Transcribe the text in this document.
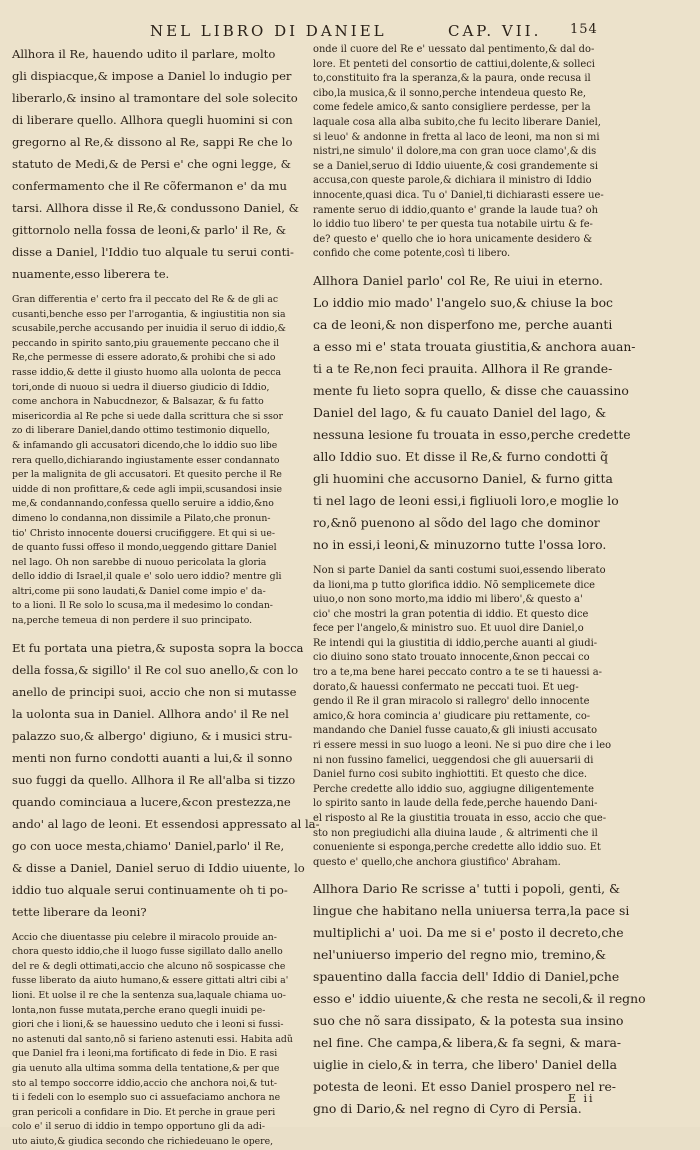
NEL LIBRO DI DANIEL	CAP. VII. 154
Allhora il Re, hauendo udito il parlare, molto
gli dispiacque,& impose a Daniel lo indugio per
liberarlo,& insino al tramontare del sole solecito
di liberare quello. Allhora quegli huomini si con
gregorno al Re,& dissono al Re, sappi Re che lo
statuto de Medi,& de Persi e' che ogni legge, &
confermamento che il Re cõfermanon e' da mu
tarsi. Allhora disse il Re,& condussono Daniel, &
gittornolo nella fossa de leoni,& parlo' il Re, &
disse a Daniel, l'Iddio tuo alquale tu serui conti-
nuamente,esso liberera te.
Gran differentia e' certo fra il peccato del Re & de gli ac
cusanti,benche esso per l'arrogantia, & ingiustitia non sia
scusabile,perche accusando per inuidia il seruo di iddio,&
peccando in spirito santo,piu grauemente peccano che il
Re,che permesse di essere adorato,& prohibi che si ado
rasse iddio,& dette il giusto huomo alla uolonta de pecca
tori,onde di nuouo si uedra il diuerso giudicio di Iddio,
come anchora in Nabucdnezor, & Balsazar, & fu fatto
misericordia al Re pche si uede dalla scrittura che si ssor
zo di liberare Daniel,dando ottimo testimonio diquello,
& infamando gli accusatori dicendo,che lo iddio suo libe
rera quello,dichiarando ingiustamente esser condannato
per la malignita de gli accusatori. Et quesito perche il Re
uidde di non profittare,& cede agli impii,scusandosi insie
me,& condannando,confessa quello seruire a iddio,&no
dimeno lo condanna,non dissimile a Pilato,che pronun-
tio' Christo innocente douersi crucifiggere. Et qui si ue-
de quanto fussi offeso il mondo,ueggendo gittare Daniel
nel lago. Oh non sarebbe di nuouo pericolata la gloria
dello iddio di Israel,il quale e' solo uero iddio? mentre gli
altri,come pii sono laudati,& Daniel come impio e' da-
to a lioni. Il Re solo lo scusa,ma il medesimo lo condan-
na,perche temeua di non perdere il suo principato.
Et fu portata una pietra,& suposta sopra la bocca
della fossa,& sigillo' il Re col suo anello,& con lo
anello de principi suoi, accio che non si mutasse
la uolonta sua in Daniel. Allhora ando' il Re nel
palazzo suo,& albergo' digiuno, & i musici stru-
menti non furno condotti auanti a lui,& il sonno
suo fuggi da quello. Allhora il Re all'alba si tizzo
quando cominciaua a lucere,&con prestezza,ne
ando' al lago de leoni. Et essendosi appressato al la-
go con uoce mesta,chiamo' Daniel,parlo' il Re,
& disse a Daniel, Daniel seruo di Iddio uiuente, lo
iddio tuo alquale serui continuamente oh ti po-
tette liberare da leoni?
Accio che diuentasse piu celebre il miracolo prouide an-
chora questo iddio,che il luogo fusse sigillato dallo anello
del re & degli ottimati,accio che alcuno nõ sospicasse che
fusse liberato da aiuto humano,& essere gittati altri cibi a'
lioni. Et uolse il re che la sentenza sua,laquale chiama uo-
lonta,non fusse mutata,perche erano quegli inuidi pe-
giori che i lioni,& se hauessino ueduto che i leoni si fussi-
no astenuti dal santo,nõ si farieno astenuti essi. Habita adũ
que Daniel fra i leoni,ma fortificato di fede in Dio. E rasi
gia uenuto alla ultima somma della tentatione,& per que
sto al tempo soccorre iddio,accio che anchora noi,& tut-
ti i fedeli con lo esemplo suo ci assuefaciamo anchora ne
gran pericoli a confidare in Dio. Et perche in graue peri
colo e' il seruo di iddio in tempo opportuno gli da adi-
uto aiuto,& giudica secondo che richiedeuano le opere,
onde il cuore del Re e' uessato dal pentimento,& dal do-
lore. Et penteti del consortio de cattiui,dolente,& solleci
to,constituito fra la speranza,& la paura, onde recusa il
cibo,la musica,& il sonno,perche intendeua questo Re,
come fedele amico,& santo consigliere perdesse, per la
laquale cosa alla alba subito,che fu lecito liberare Daniel,
si leuo' & andonne in fretta al laco de leoni, ma non si mi
nistri,ne simulo' il dolore,ma con gran uoce clamo',& dis
se a Daniel,seruo di Iddio uiuente,& cosi grandemente si
accusa,con queste parole,& dichiara il ministro di Iddio
innocente,quasi dica. Tu o' Daniel,ti dichiarasti essere ue-
ramente seruo di iddio,quanto e' grande la laude tua? oh
lo iddio tuo libero' te per questa tua notabile uirtu & fe-
de? questo e' quello che io hora unicamente desidero &
confido che come potente,così ti libero.
Allhora Daniel parlo' col Re, Re uiui in eterno.
Lo iddio mio mado' l'angelo suo,& chiuse la boc
ca de leoni,& non disperfono me, perche auanti
a esso mi e' stata trouata giustitia,& anchora auan-
ti a te Re,non feci prauita. Allhora il Re grande-
mente fu lieto sopra quello, & disse che cauassino
Daniel del lago, & fu cauato Daniel del lago, &
nessuna lesione fu trouata in esso,perche credette
allo Iddio suo. Et disse il Re,& furno condotti q̃
gli huomini che accusorno Daniel, & furno gitta
ti nel lago de leoni essi,i figliuoli loro,e moglie lo
ro,&nõ puenono al sõdo del lago che dominor
no in essi,i leoni,& minuzorno tutte l'ossa loro.
Non si parte Daniel da santi costumi suoi,essendo liberato
da lioni,ma p tutto glorifica iddio. Nõ semplicemete dice
uiuo,o non sono morto,ma iddio mi libero',& questo a'
cio' che mostri la gran potentia di iddio. Et questo dice
fece per l'angelo,& ministro suo. Et uuol dire Daniel,o
Re intendi qui la giustitia di iddio,perche auanti al giudi-
cio diuino sono stato trouato innocente,&non peccai co
tro a te,ma bene harei peccato contro a te se ti hauessi a-
dorato,& hauessi confermato ne peccati tuoi. Et ueg-
gendo il Re il gran miracolo si rallegro' dello innocente
amico,& hora comincia a' giudicare piu rettamente, co-
mandando che Daniel fusse cauato,& gli iniusti accusato
ri essere messi in suo luogo a leoni. Ne si puo dire che i leo
ni non fussino famelici, ueggendosi che gli auuersarii di
Daniel furno cosi subito inghiottiti. Et questo che dice.
Perche credette allo iddio suo, aggiugne diligentemente
lo spirito santo in laude della fede,perche hauendo Dani-
el risposto al Re la giustitia trouata in esso, accio che que-
sto non pregiudichi alla diuina laude , & altrimenti che il
conueniente si esponga,perche credette allo iddio suo. Et
questo e' quello,che anchora giustifico' Abraham.
Allhora Dario Re scrisse a' tutti i popoli, genti, &
lingue che habitano nella uniuersa terra,la pace si
multiplichi a' uoi. Da me si e' posto il decreto,che
nel'uniuerso imperio del regno mio, tremino,&
spauentino dalla faccia dell' Iddio di Daniel,pche
esso e' iddio uiuente,& che resta ne secoli,& il regno
suo che nõ sara dissipato, & la potesta sua insino
nel fine. Che campa,& libera,& fa segni, & mara-
uiglie in cielo,& in terra, che libero' Daniel della
potesta de leoni. Et esso Daniel prospero nel re-
gno di Dario,& nel regno di Cyro di Persia.
E ii
